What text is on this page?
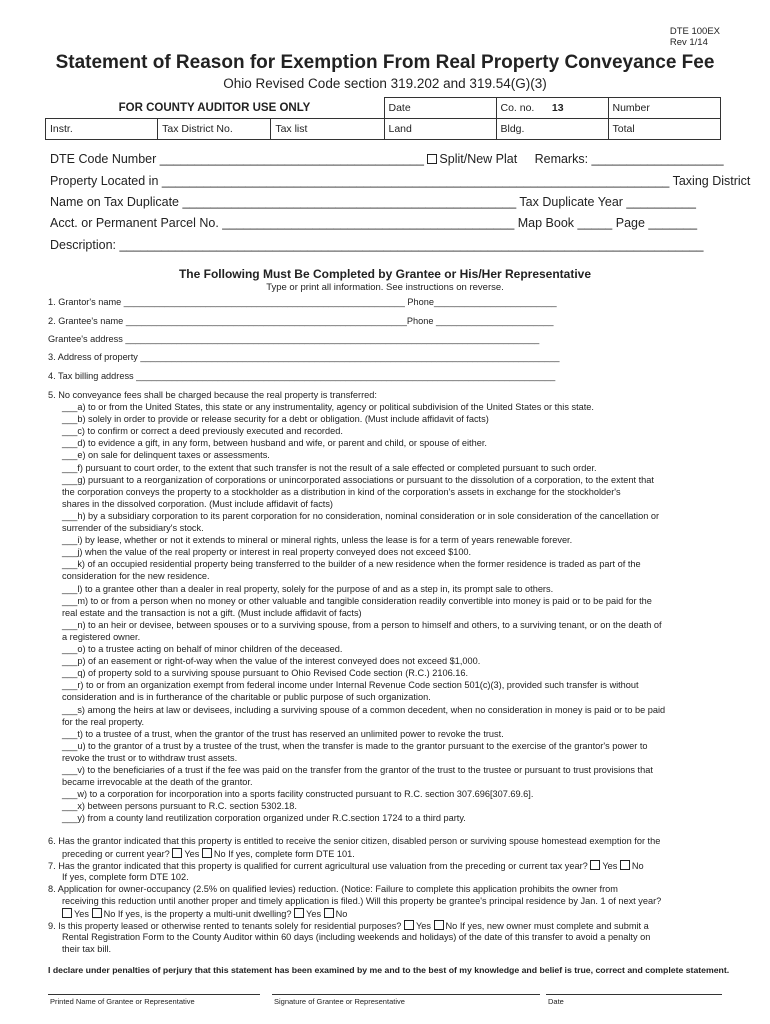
DTE 100EX
Rev 1/14
Statement of Reason for Exemption From Real Property Conveyance Fee
Ohio Revised Code section 319.202 and 319.54(G)(3)
FOR COUNTY AUDITOR USE ONLY			Date	Co. no. 13	Number
Instr.	Tax District No.	Tax list	Land	Bldg.	Total
DTE Code Number ______________________________________ Split/New Plat Remarks: ___________________
Property Located in _________________________________________________________________________ Taxing District
Name on Tax Duplicate ________________________________________________ Tax Duplicate Year __________
Acct. or Permanent Parcel No. __________________________________________ Map Book _____ Page _______
Description: ____________________________________________________________________________________
The Following Must Be Completed by Grantee or His/Her Representative
Type or print all information. See instructions on reverse.
1. Grantor's name _______________________________________________________ Phone________________________
2. Grantee's name _______________________________________________________Phone _______________________
Grantee's address _________________________________________________________________________________
3. Address of property __________________________________________________________________________________
4. Tax billing address __________________________________________________________________________________
5. No conveyance fees shall be charged because the real property is transferred:
___a) to or from the United States, this state or any instrumentality, agency or political subdivision of the United States or this state.
___b) solely in order to provide or release security for a debt or obligation. (Must include affidavit of facts)
___c) to confirm or correct a deed previously executed and recorded.
___d) to evidence a gift, in any form, between husband and wife, or parent and child, or spouse of either.
___e) on sale for delinquent taxes or assessments.
___f) pursuant to court order, to the extent that such transfer is not the result of a sale effected or completed pursuant to such order.
___g) pursuant to a reorganization of corporations or unincorporated associations or pursuant to the dissolution of a corporation, to the extent that
the corporation conveys the property to a stockholder as a distribution in kind of the corporation's assets in exchange for the stockholder's
shares in the dissolved corporation. (Must include affidavit of facts)
___h) by a subsidiary corporation to its parent corporation for no consideration, nominal consideration or in sole consideration of the cancellation or
surrender of the subsidiary's stock.
___i) by lease, whether or not it extends to mineral or mineral rights, unless the lease is for a term of years renewable forever.
___j) when the value of the real property or interest in real property conveyed does not exceed $100.
___k) of an occupied residential property being transferred to the builder of a new residence when the former residence is traded as part of the
consideration for the new residence.
___l) to a grantee other than a dealer in real property, solely for the purpose of and as a step in, its prompt sale to others.
___m) to or from a person when no money or other valuable and tangible consideration readily convertible into money is paid or to be paid for the
real estate and the transaction is not a gift. (Must include affidavit of facts)
___n) to an heir or devisee, between spouses or to a surviving spouse, from a person to himself and others, to a surviving tenant, or on the death of
a registered owner.
___o) to a trustee acting on behalf of minor children of the deceased.
___p) of an easement or right-of-way when the value of the interest conveyed does not exceed $1,000.
___q) of property sold to a surviving spouse pursuant to Ohio Revised Code section (R.C.) 2106.16.
___r) to or from an organization exempt from federal income under Internal Revenue Code section 501(c)(3), provided such transfer is without
consideration and is in furtherance of the charitable or public purpose of such organization.
___s) among the heirs at law or devisees, including a surviving spouse of a common decedent, when no consideration in money is paid or to be paid
for the real property.
___t) to a trustee of a trust, when the grantor of the trust has reserved an unlimited power to revoke the trust.
___u) to the grantor of a trust by a trustee of the trust, when the transfer is made to the grantor pursuant to the exercise of the grantor's power to
revoke the trust or to withdraw trust assets.
___v) to the beneficiaries of a trust if the fee was paid on the transfer from the grantor of the trust to the trustee or pursuant to trust provisions that
became irrevocable at the death of the grantor.
___w) to a corporation for incorporation into a sports facility constructed pursuant to R.C. section 307.696[307.69.6].
___x) between persons pursuant to R.C. section 5302.18.
___y) from a county land reutilization corporation organized under R.C.section 1724 to a third party.
6. Has the grantor indicated that this property is entitled to receive the senior citizen, disabled person or surviving spouse homestead exemption for the
preceding or current year? Yes No If yes, complete form DTE 101.
7. Has the grantor indicated that this property is qualified for current agricultural use valuation from the preceding or current tax year? Yes No
If yes, complete form DTE 102.
8. Application for owner-occupancy (2.5% on qualified levies) reduction. (Notice: Failure to complete this application prohibits the owner from
receiving this reduction until another proper and timely application is filed.) Will this property be grantee's principal residence by Jan. 1 of next year?
Yes No If yes, is the property a multi-unit dwelling? Yes No
9. Is this property leased or otherwise rented to tenants solely for residential purposes? Yes No If yes, new owner must complete and submit a
Rental Registration Form to the County Auditor within 60 days (including weekends and holidays) of the date of this transfer to avoid a penalty on
their tax bill.
I declare under penalties of perjury that this statement has been examined by me and to the best of my knowledge and belief is true, correct and complete statement.
Printed Name of Grantee or Representative	Signature of Grantee or Representative	Date
